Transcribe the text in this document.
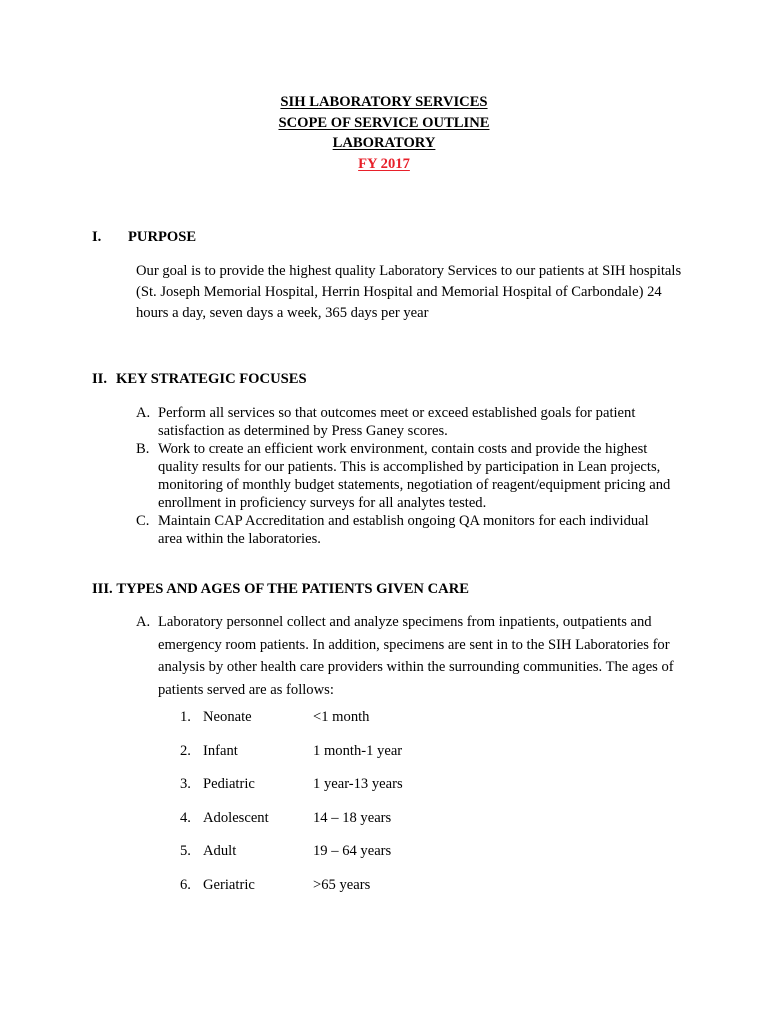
SIH LABORATORY SERVICES
SCOPE OF SERVICE OUTLINE
LABORATORY
FY 2017
I. PURPOSE
Our goal is to provide the highest quality Laboratory Services to our patients at SIH hospitals (St. Joseph Memorial Hospital, Herrin Hospital and Memorial Hospital of Carbondale) 24 hours a day, seven days a week, 365 days per year
II. KEY STRATEGIC FOCUSES
A. Perform all services so that outcomes meet or exceed established goals for patient satisfaction as determined by Press Ganey scores.
B. Work to create an efficient work environment, contain costs and provide the highest quality results for our patients. This is accomplished by participation in Lean projects, monitoring of monthly budget statements, negotiation of reagent/equipment pricing and enrollment in proficiency surveys for all analytes tested.
C. Maintain CAP Accreditation and establish ongoing QA monitors for each individual area within the laboratories.
III. TYPES AND AGES OF THE PATIENTS GIVEN CARE
A. Laboratory personnel collect and analyze specimens from inpatients, outpatients and emergency room patients. In addition, specimens are sent in to the SIH Laboratories for analysis by other health care providers within the surrounding communities. The ages of patients served are as follows:
1. Neonate	<1 month
2. Infant	1 month-1 year
3. Pediatric	1 year-13 years
4. Adolescent	14 – 18 years
5. Adult	19 – 64 years
6. Geriatric	>65 years
